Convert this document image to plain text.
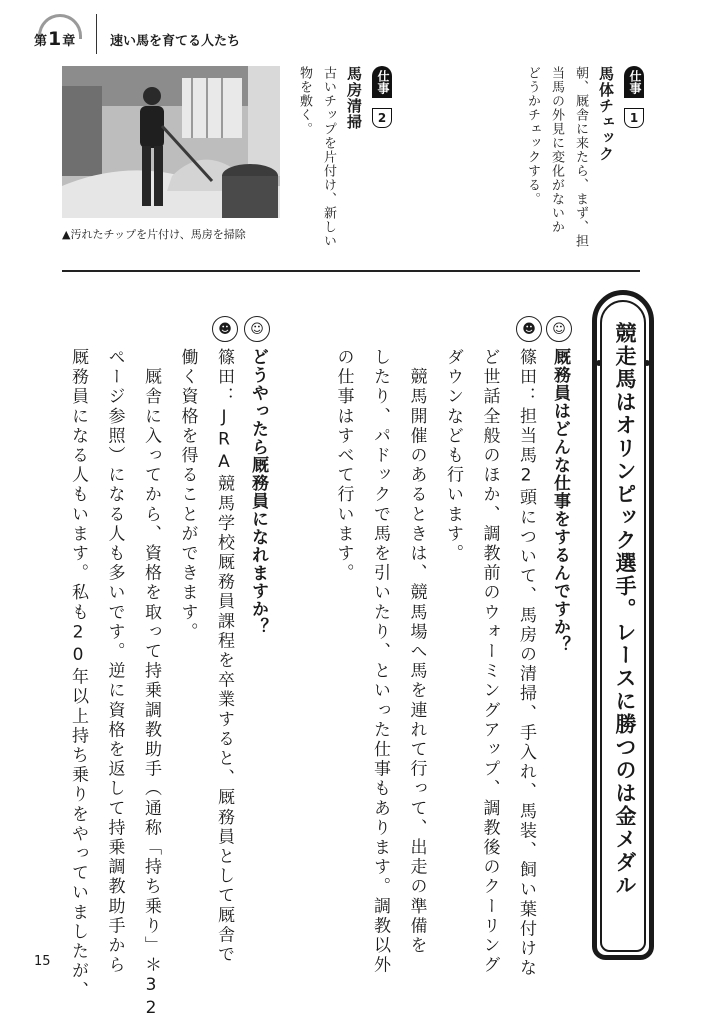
第1章	速い馬を育てる人たち
▲汚れたチップを片付け、馬房を掃除
仕事
1
馬体チェック
朝、厩舎に来たら、まず、担
当馬の外見に変化がないか
どうかチェックする。
仕事
2
馬房清掃
古いチップを片付け、新しい
物を敷く。
競走馬はオリンピック選手。レースに勝つのは金メダル
☺
☻
厩務員はどんな仕事をするんですか？
篠田：担当馬2頭について、馬房の清掃、手入れ、馬装、飼い葉付けな
ど世話全般のほか、調教前のウォーミングアップ、調教後のクーリング
ダウンなども行います。
　競馬開催のあるときは、競馬場へ馬を連れて行って、出走の準備を
したり、パドックで馬を引いたり、といった仕事もあります。調教以外
の仕事はすべて行います。
☺
☻
どうやったら厩務員になれますか？
篠田：JRA競馬学校厩務員課程を卒業すると、厩務員として厩舎で
働く資格を得ることができます。
　厩舎に入ってから、資格を取って持乗調教助手（通称「持ち乗り」＊32
ページ参照）になる人も多いです。逆に資格を返して持乗調教助手から
厩務員になる人もいます。私も20年以上持ち乗りをやっていましたが、
15
